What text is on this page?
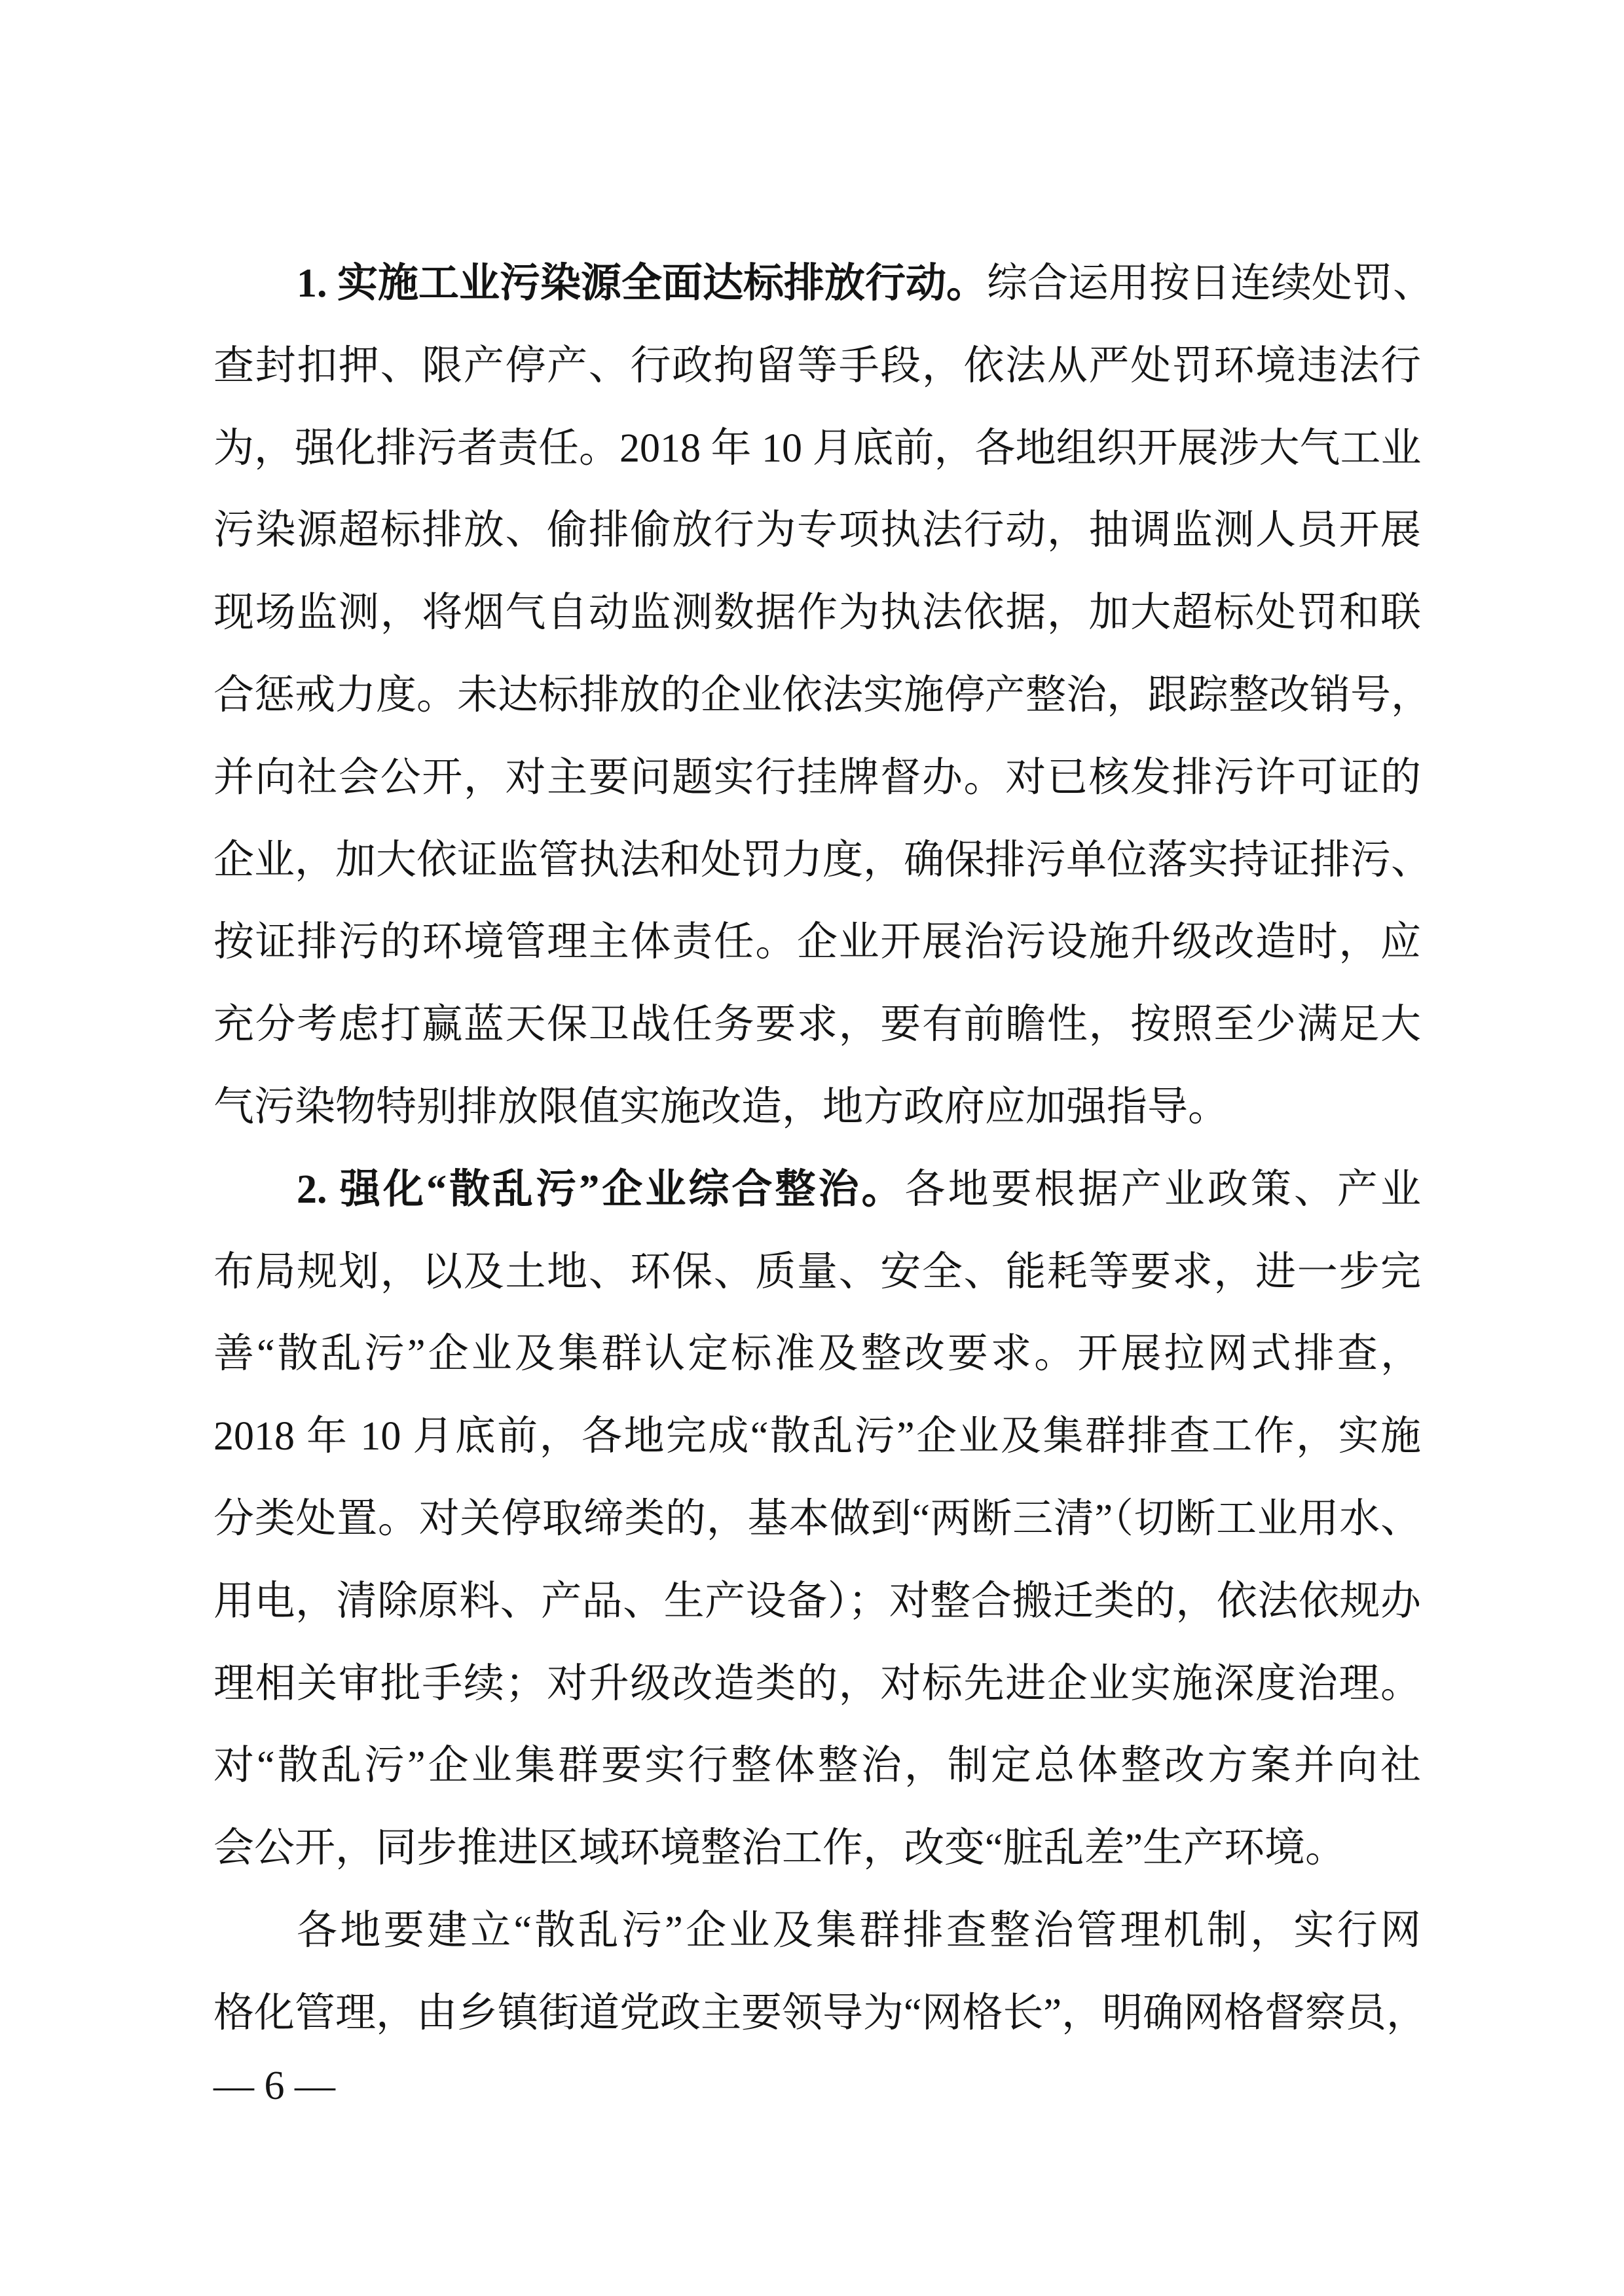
1. 实施工业污染源全面达标排放行动。综合运用按日连续处罚、
查封扣押、限产停产、行政拘留等手段，依法从严处罚环境违法行
为，强化排污者责任。2018 年 10 月底前，各地组织开展涉大气工业
污染源超标排放、偷排偷放行为专项执法行动，抽调监测人员开展
现场监测，将烟气自动监测数据作为执法依据，加大超标处罚和联
合惩戒力度。未达标排放的企业依法实施停产整治，跟踪整改销号，
并向社会公开，对主要问题实行挂牌督办。对已核发排污许可证的
企业，加大依证监管执法和处罚力度，确保排污单位落实持证排污、
按证排污的环境管理主体责任。企业开展治污设施升级改造时，应
充分考虑打赢蓝天保卫战任务要求，要有前瞻性，按照至少满足大
气污染物特别排放限值实施改造，地方政府应加强指导。
2. 强化“散乱污”企业综合整治。各地要根据产业政策、产业
布局规划，以及土地、环保、质量、安全、能耗等要求，进一步完
善“散乱污”企业及集群认定标准及整改要求。开展拉网式排查，
2018 年 10 月底前，各地完成“散乱污”企业及集群排查工作，实施
分类处置。对关停取缔类的，基本做到“两断三清”（切断工业用水、
用电，清除原料、产品、生产设备）；对整合搬迁类的，依法依规办
理相关审批手续；对升级改造类的，对标先进企业实施深度治理。
对“散乱污”企业集群要实行整体整治，制定总体整改方案并向社
会公开，同步推进区域环境整治工作，改变“脏乱差”生产环境。
各地要建立“散乱污”企业及集群排查整治管理机制，实行网
格化管理，由乡镇街道党政主要领导为“网格长”，明确网格督察员，
— 6 —
